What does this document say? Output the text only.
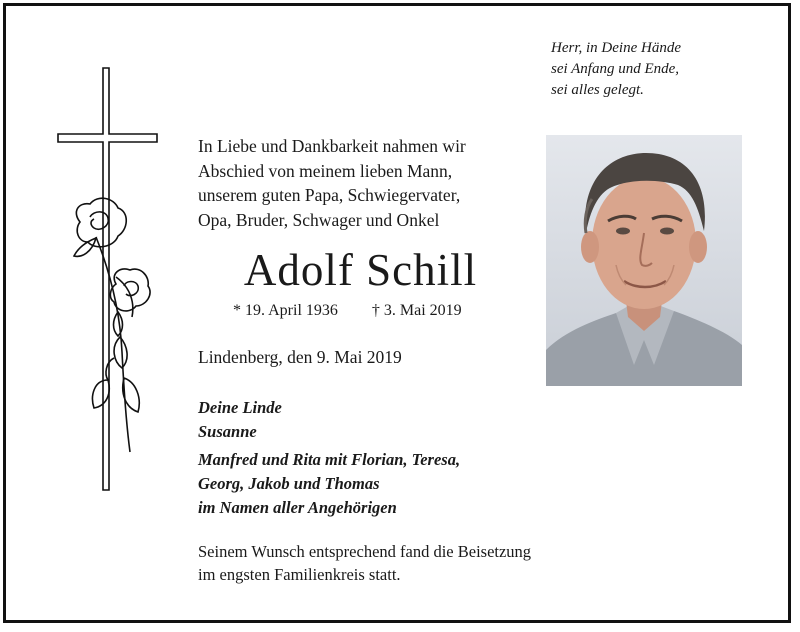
Herr, in Deine Hände
sei Anfang und Ende,
sei alles gelegt.
In Liebe und Dankbarkeit nahmen wir
Abschied von meinem lieben Mann,
unserem guten Papa, Schwiegervater,
Opa, Bruder, Schwager und Onkel
Adolf Schill
* 19. April 1936 † 3. Mai 2019
Lindenberg, den 9. Mai 2019
Deine Linde
Susanne
Manfred und Rita mit Florian, Teresa,
Georg, Jakob und Thomas
im Namen aller Angehörigen
Seinem Wunsch entsprechend fand die Beisetzung
im engsten Familienkreis statt.
